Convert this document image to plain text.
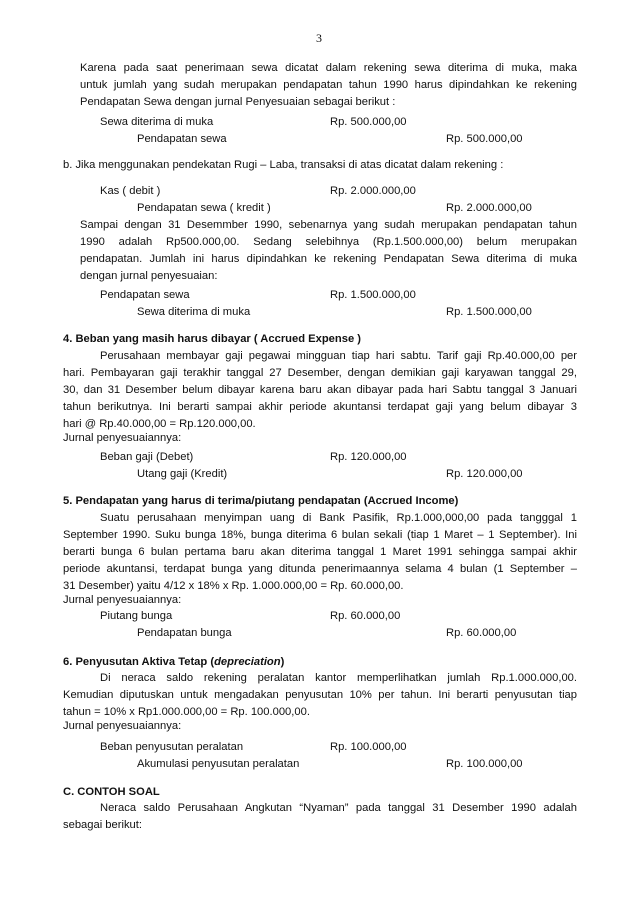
3
Karena pada saat penerimaan sewa dicatat dalam rekening sewa diterima di muka, maka
untuk jumlah yang sudah merupakan pendapatan tahun 1990 harus dipindahkan ke rekening
Pendapatan Sewa dengan jurnal Penyesuaian sebagai berikut :
Sewa diterima di muka	Rp. 500.000,00
Pendapatan sewa	Rp. 500.000,00
b. Jika menggunakan pendekatan Rugi – Laba, transaksi di atas dicatat dalam rekening :
Kas ( debit )	Rp. 2.000.000,00
Pendapatan sewa ( kredit )	Rp. 2.000.000,00
Sampai dengan 31 Desemmber 1990, sebenarnya yang sudah merupakan pendapatan tahun
1990 adalah Rp500.000,00. Sedang selebihnya (Rp.1.500.000,00) belum merupakan
pendapatan. Jumlah ini harus dipindahkan ke rekening Pendapatan Sewa diterima di muka
dengan jurnal penyesuaian:
Pendapatan sewa	Rp. 1.500.000,00
Sewa diterima di muka	Rp. 1.500.000,00
4. Beban yang masih harus dibayar ( Accrued Expense )
Perusahaan membayar gaji pegawai mingguan tiap hari sabtu. Tarif gaji Rp.40.000,00 per
hari. Pembayaran gaji terakhir tanggal 27 Desember, dengan demikian gaji karyawan tanggal 29,
30, dan 31 Desember belum dibayar karena baru akan dibayar pada hari Sabtu tanggal 3 Januari
tahun berikutnya. Ini berarti sampai akhir periode akuntansi terdapat gaji yang belum dibayar 3
hari @ Rp.40.000,00 = Rp.120.000,00.
Jurnal penyesuaiannya:
Beban gaji (Debet)	Rp. 120.000,00
Utang gaji (Kredit)	Rp. 120.000,00
5. Pendapatan yang harus di terima/piutang pendapatan (Accrued Income)
Suatu perusahaan menyimpan uang di Bank Pasifik, Rp.1.000,000,00 pada tangggal 1
September 1990. Suku bunga 18%, bunga diterima 6 bulan sekali (tiap 1 Maret – 1 September). Ini
berarti bunga 6 bulan pertama baru akan diterima tanggal 1 Maret 1991 sehingga sampai akhir
periode akuntansi, terdapat bunga yang ditunda penerimaannya selama 4 bulan (1 September –
31 Desember) yaitu 4/12 x 18% x Rp. 1.000.000,00 = Rp. 60.000,00.
Jurnal penyesuaiannya:
Piutang bunga	Rp. 60.000,00
Pendapatan bunga	Rp. 60.000,00
6. Penyusutan Aktiva Tetap (depreciation)
Di neraca saldo rekening peralatan kantor memperlihatkan jumlah Rp.1.000.000,00.
Kemudian diputuskan untuk mengadakan penyusutan 10% per tahun. Ini berarti penyusutan tiap
tahun = 10% x Rp1.000.000,00 = Rp. 100.000,00.
Jurnal penyesuaiannya:
Beban penyusutan peralatan	Rp. 100.000,00
Akumulasi penyusutan peralatan	Rp. 100.000,00
C. CONTOH SOAL
Neraca saldo Perusahaan Angkutan “Nyaman” pada tanggal 31 Desember 1990 adalah
sebagai berikut:
